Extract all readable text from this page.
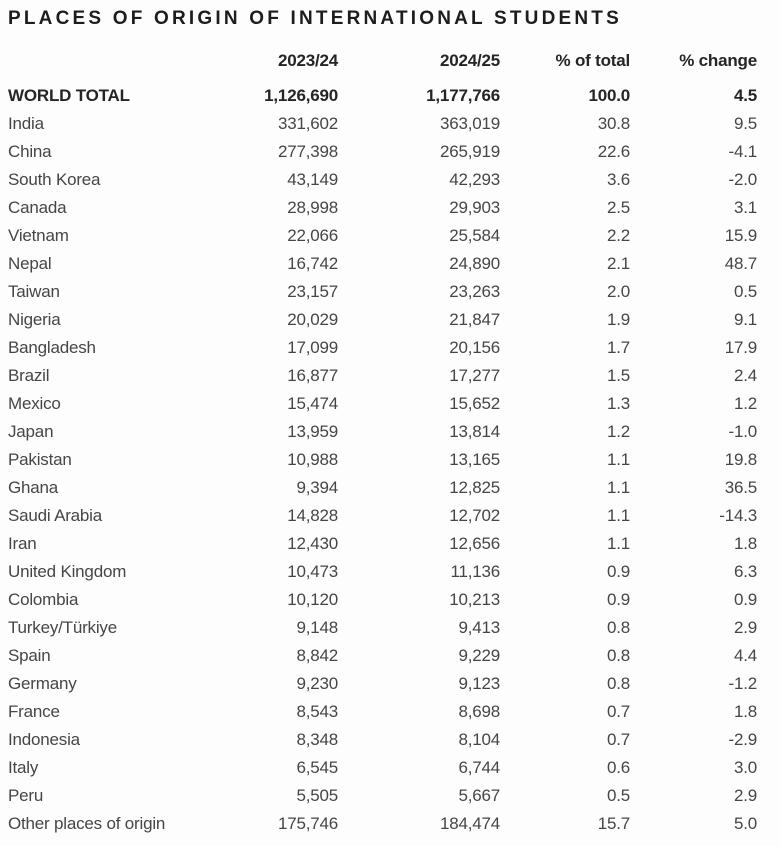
PLACES OF ORIGIN OF INTERNATIONAL STUDENTS
	2023/24	2024/25	% of total	% change
WORLD TOTAL	1,126,690	1,177,766	100.0	4.5
India	331,602	363,019	30.8	9.5
China	277,398	265,919	22.6	-4.1
South Korea	43,149	42,293	3.6	-2.0
Canada	28,998	29,903	2.5	3.1
Vietnam	22,066	25,584	2.2	15.9
Nepal	16,742	24,890	2.1	48.7
Taiwan	23,157	23,263	2.0	0.5
Nigeria	20,029	21,847	1.9	9.1
Bangladesh	17,099	20,156	1.7	17.9
Brazil	16,877	17,277	1.5	2.4
Mexico	15,474	15,652	1.3	1.2
Japan	13,959	13,814	1.2	-1.0
Pakistan	10,988	13,165	1.1	19.8
Ghana	9,394	12,825	1.1	36.5
Saudi Arabia	14,828	12,702	1.1	-14.3
Iran	12,430	12,656	1.1	1.8
United Kingdom	10,473	11,136	0.9	6.3
Colombia	10,120	10,213	0.9	0.9
Turkey/Türkiye	9,148	9,413	0.8	2.9
Spain	8,842	9,229	0.8	4.4
Germany	9,230	9,123	0.8	-1.2
France	8,543	8,698	0.7	1.8
Indonesia	8,348	8,104	0.7	-2.9
Italy	6,545	6,744	0.6	3.0
Peru	5,505	5,667	0.5	2.9
Other places of origin	175,746	184,474	15.7	5.0
